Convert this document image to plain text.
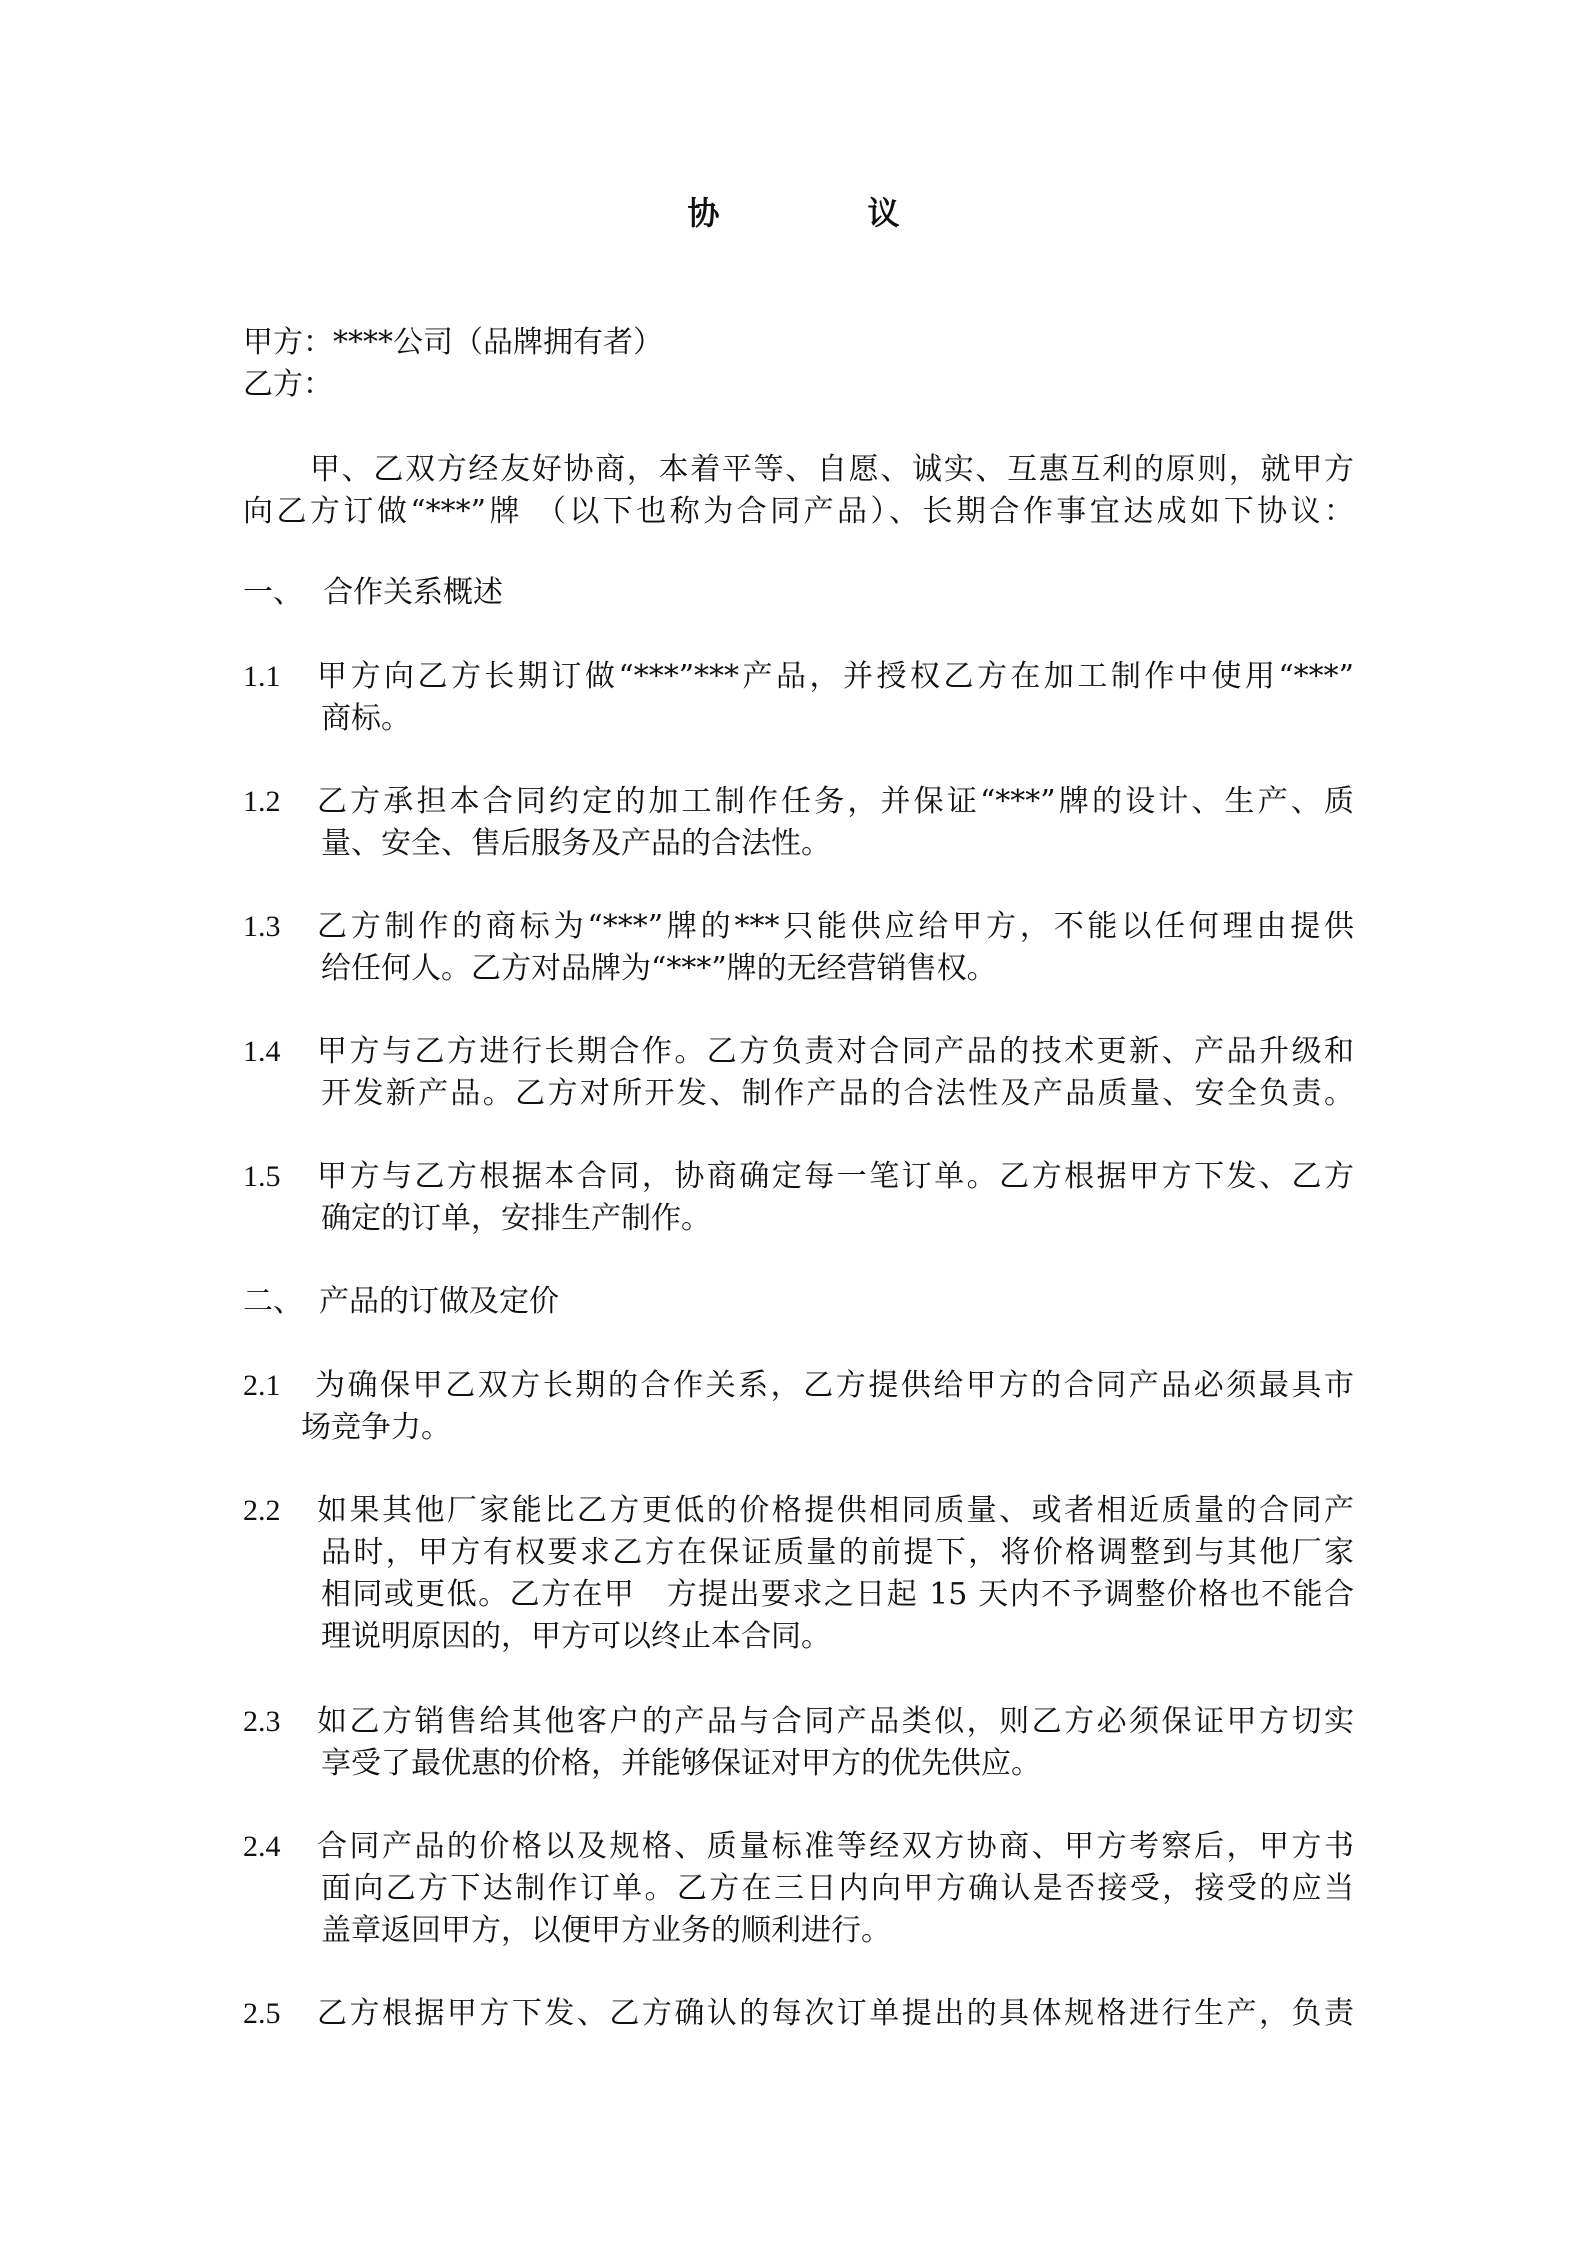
协　议
甲方：****公司（品牌拥有者）
乙方：
甲、乙双方经友好协商，本着平等、自愿、诚实、互惠互利的原则，就甲方
向乙方订做“***”牌 （以下也称为合同产品）、长期合作事宜达成如下协议：
一、 合作关系概述
1.1 甲方向乙方长期订做“***”***产品，并授权乙方在加工制作中使用“***”
商标。
1.2 乙方承担本合同约定的加工制作任务，并保证“***”牌的设计、生产、质
量、安全、售后服务及产品的合法性。
1.3 乙方制作的商标为“***”牌的***只能供应给甲方，不能以任何理由提供
给任何人。乙方对品牌为“***”牌的无经营销售权。
1.4 甲方与乙方进行长期合作。乙方负责对合同产品的技术更新、产品升级和
开发新产品。乙方对所开发、制作产品的合法性及产品质量、安全负责。
1.5 甲方与乙方根据本合同，协商确定每一笔订单。乙方根据甲方下发、乙方
确定的订单，安排生产制作。
二、 产品的订做及定价
2.1 为确保甲乙双方长期的合作关系，乙方提供给甲方的合同产品必须最具市
场竞争力。
2.2 如果其他厂家能比乙方更低的价格提供相同质量、或者相近质量的合同产
品时，甲方有权要求乙方在保证质量的前提下，将价格调整到与其他厂家
相同或更低。乙方在甲　方提出要求之日起 15 天内不予调整价格也不能合
理说明原因的，甲方可以终止本合同。
2.3 如乙方销售给其他客户的产品与合同产品类似，则乙方必须保证甲方切实
享受了最优惠的价格，并能够保证对甲方的优先供应。
2.4 合同产品的价格以及规格、质量标准等经双方协商、甲方考察后，甲方书
面向乙方下达制作订单。乙方在三日内向甲方确认是否接受，接受的应当
盖章返回甲方，以便甲方业务的顺利进行。
2.5 乙方根据甲方下发、乙方确认的每次订单提出的具体规格进行生产，负责
